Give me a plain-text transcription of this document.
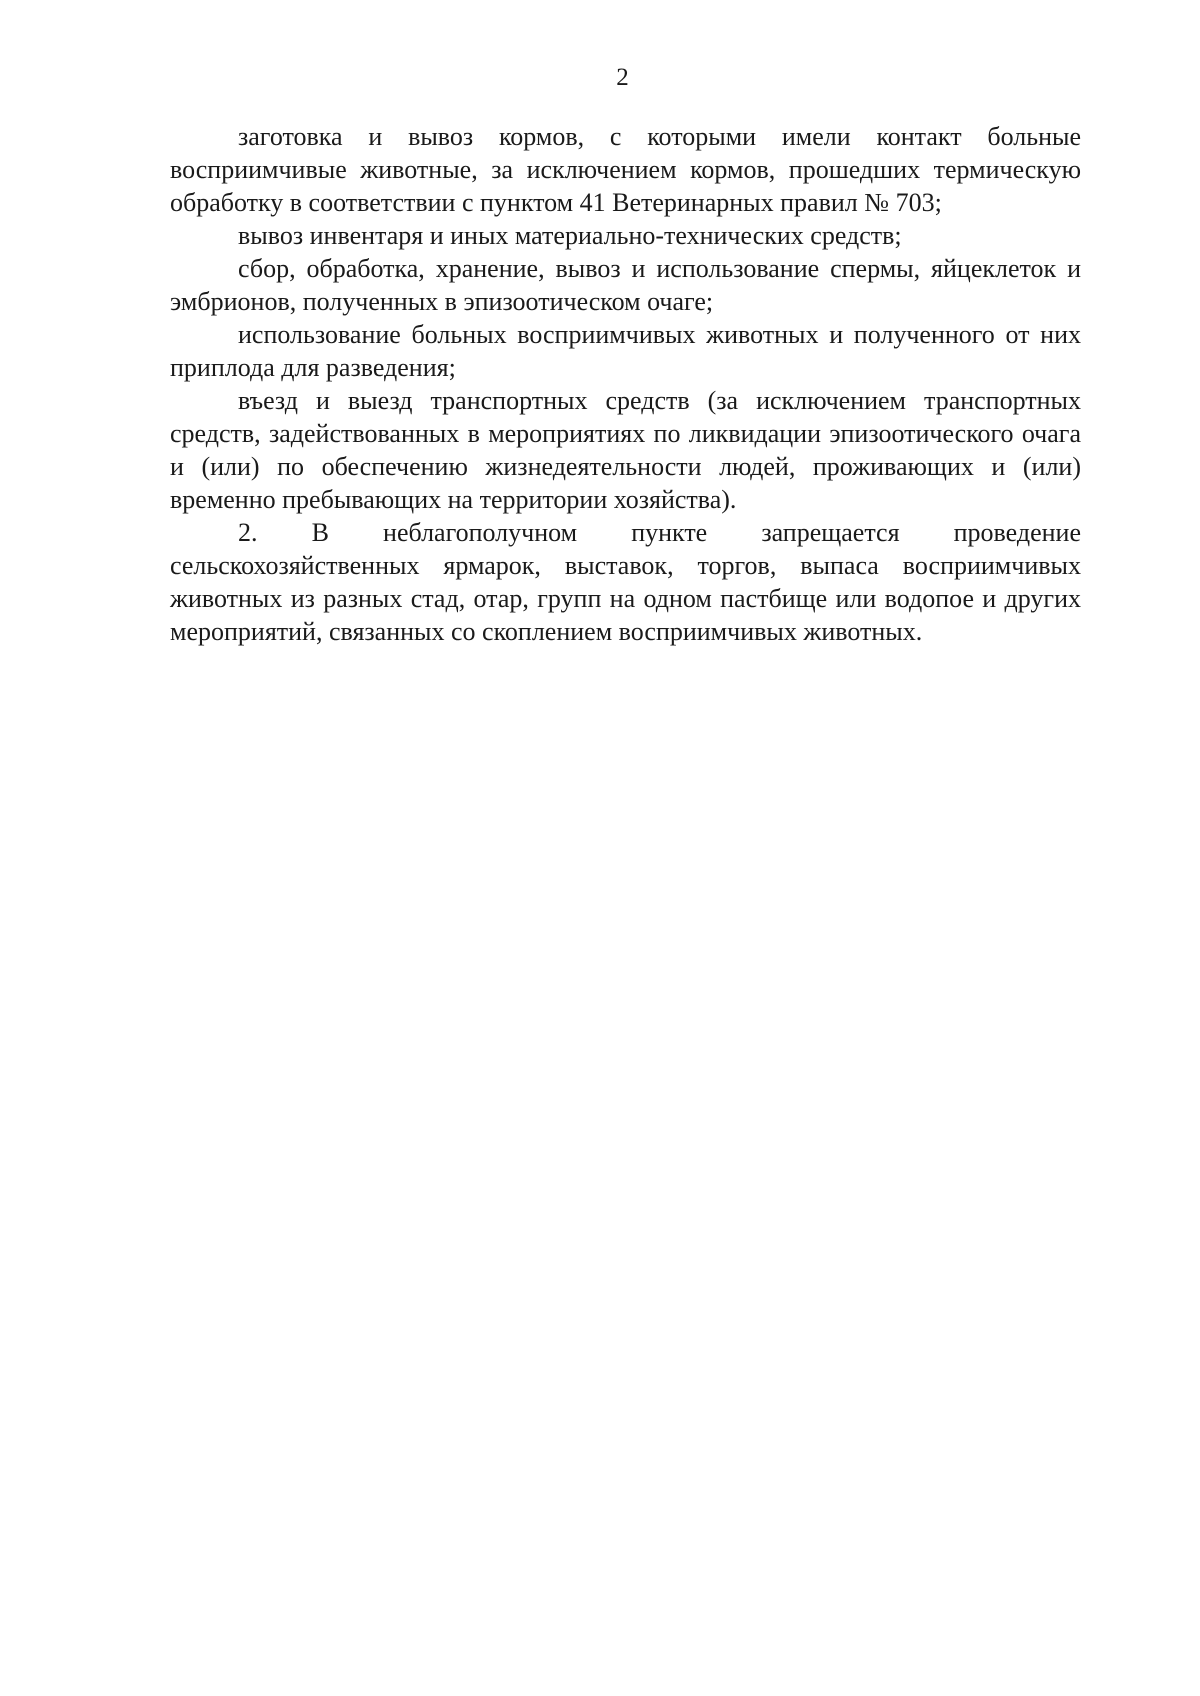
2

заготовка и вывоз кормов, с которыми имели контакт больные восприимчивые животные, за исключением кормов, прошедших термическую обработку в соответствии с пунктом 41 Ветеринарных правил № 703;

вывоз инвентаря и иных материально-технических средств;

сбор, обработка, хранение, вывоз и использование спермы, яйцеклеток и эмбрионов, полученных в эпизоотическом очаге;

использование больных восприимчивых животных и полученного от них приплода для разведения;

въезд и выезд транспортных средств (за исключением транспортных средств, задействованных в мероприятиях по ликвидации эпизоотического очага и (или) по обеспечению жизнедеятельности людей, проживающих и (или) временно пребывающих на территории хозяйства).

2. В неблагополучном пункте запрещается проведение сельскохозяйственных ярмарок, выставок, торгов, выпаса восприимчивых животных из разных стад, отар, групп на одном пастбище или водопое и других мероприятий, связанных со скоплением восприимчивых животных.
